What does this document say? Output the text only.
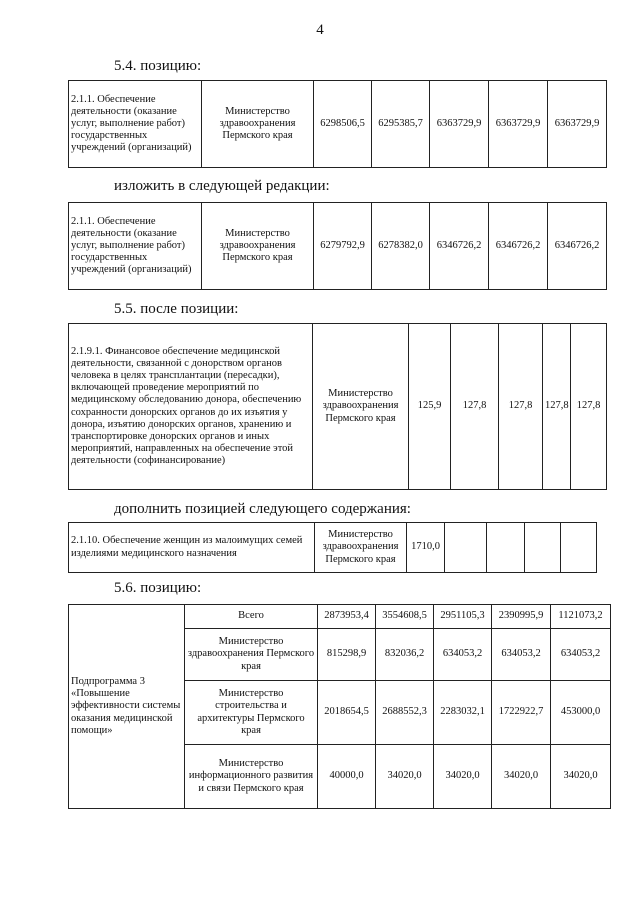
4
5.4. позицию:
2.1.1. Обеспечение деятельности (оказание услуг, выполнение работ) государственных учреждений (организаций)	Министерство здравоохранения Пермского края	6298506,5	6295385,7	6363729,9	6363729,9	6363729,9
изложить в следующей редакции:
2.1.1. Обеспечение деятельности (оказание услуг, выполнение работ) государственных учреждений (организаций)	Министерство здравоохранения Пермского края	6279792,9	6278382,0	6346726,2	6346726,2	6346726,2
5.5. после позиции:
2.1.9.1. Финансовое обеспечение медицинской деятельности, связанной с донорством органов человека в целях трансплантации (пересадки), включающей проведение мероприятий по медицинскому обследованию донора, обеспечению сохранности донорских органов до их изъятия у донора, изъятию донорских органов, хранению и транспортировке донорских органов и иных мероприятий, направленных на обеспечение этой деятельности (софинансирование)	Министерство здравоохранения Пермского края	125,9	127,8	127,8	127,8	127,8
дополнить позицией следующего содержания:
2.1.10. Обеспечение женщин из малоимущих семей изделиями медицинского назначения	Министерство здравоохранения Пермского края	1710,0				
5.6. позицию:
Подпрограмма 3 «Повышение эффективности системы оказания медицинской помощи»	Всего	2873953,4	3554608,5	2951105,3	2390995,9	1121073,2
	Министерство здравоохранения Пермского края	815298,9	832036,2	634053,2	634053,2	634053,2
	Министерство строительства и архитектуры Пермского края	2018654,5	2688552,3	2283032,1	1722922,7	453000,0
	Министерство информационного развития и связи Пермского края	40000,0	34020,0	34020,0	34020,0	34020,0
